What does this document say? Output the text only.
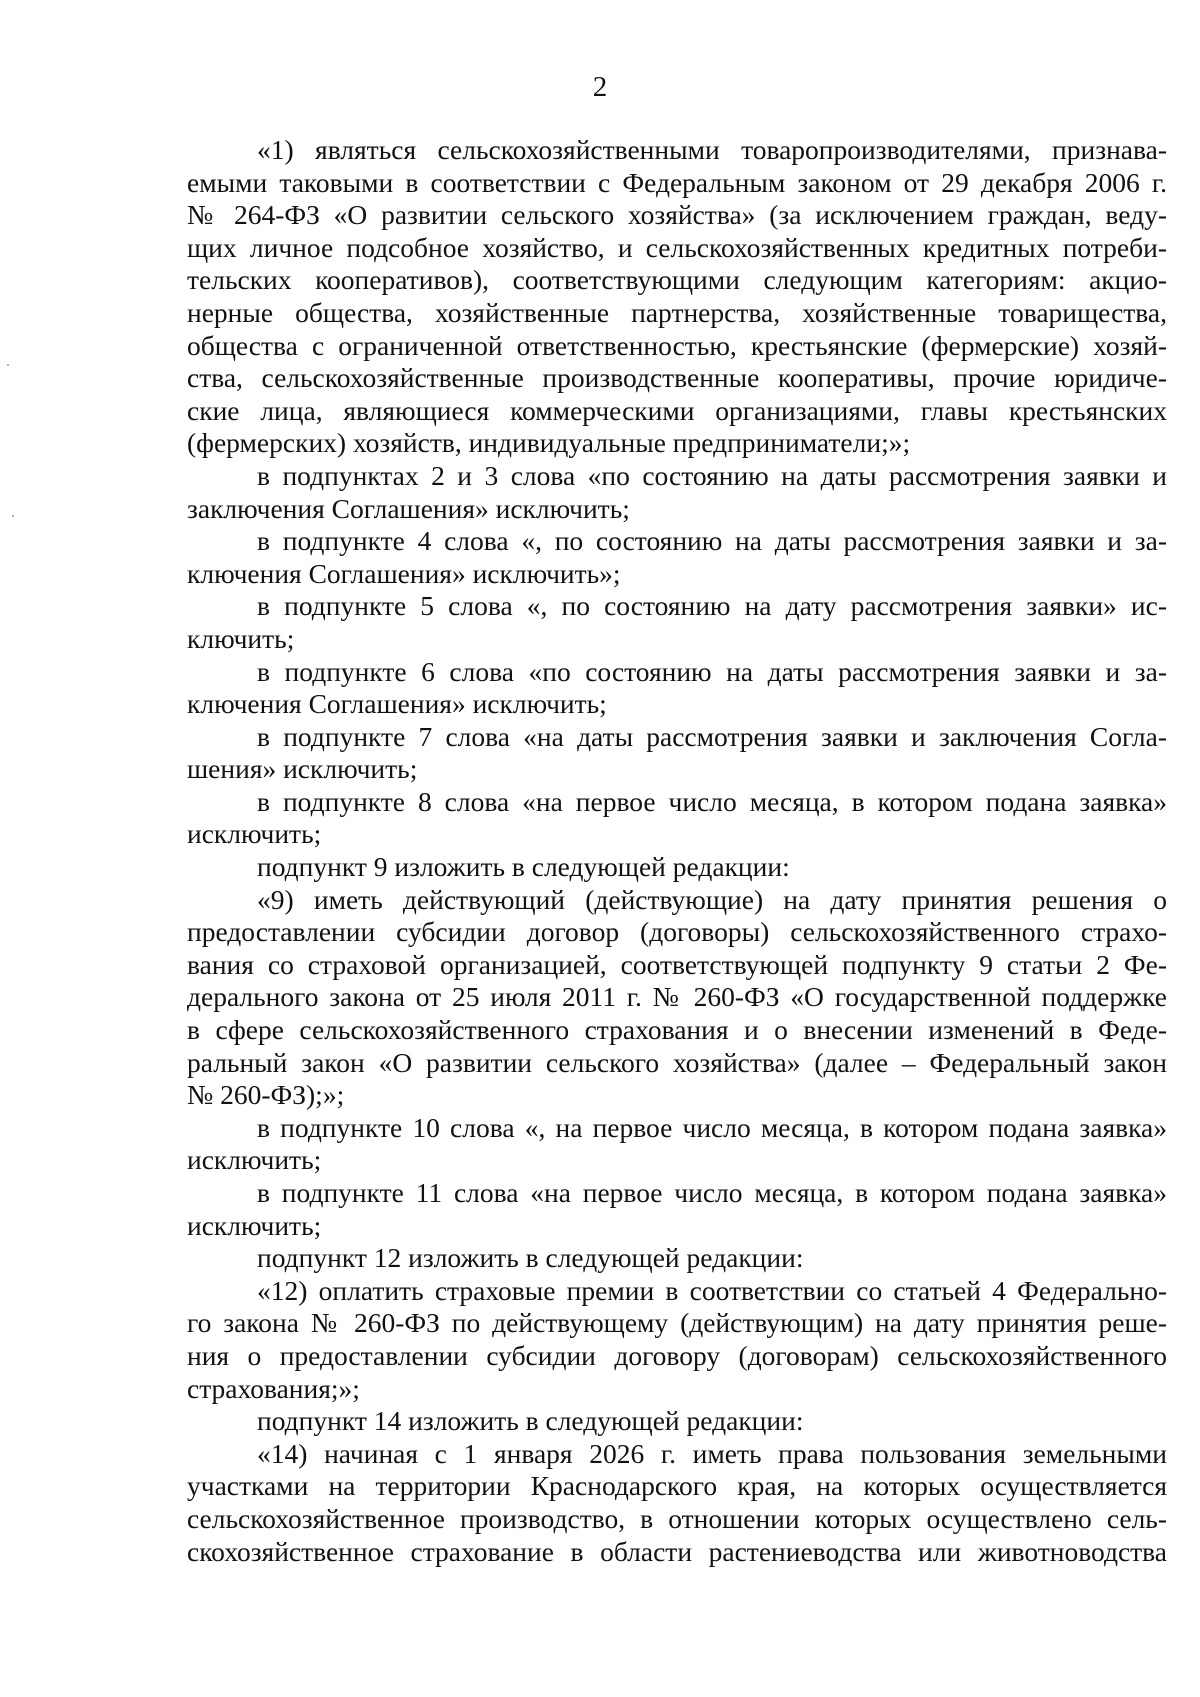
2

«1) являться сельскохозяйственными товаропроизводителями, признава-

емыми таковыми в соответствии с Федеральным законом от 29 декабря 2006 г.

№ 264-ФЗ «О развитии сельского хозяйства» (за исключением граждан, веду-

щих личное подсобное хозяйство, и сельскохозяйственных кредитных потреби-

тельских кооперативов), соответствующими следующим категориям: акцио-

нерные общества, хозяйственные партнерства, хозяйственные товарищества,

общества с ограниченной ответственностью, крестьянские (фермерские) хозяй-

ства, сельскохозяйственные производственные кооперативы, прочие юридиче-

ские лица, являющиеся коммерческими организациями, главы крестьянских

(фермерских) хозяйств, индивидуальные предприниматели;»;

в подпунктах 2 и 3 слова «по состоянию на даты рассмотрения заявки и

заключения Соглашения» исключить;

в подпункте 4 слова «, по состоянию на даты рассмотрения заявки и за-

ключения Соглашения» исключить»;

в подпункте 5 слова «, по состоянию на дату рассмотрения заявки» ис-

ключить;

в подпункте 6 слова «по состоянию на даты рассмотрения заявки и за-

ключения Соглашения» исключить;

в подпункте 7 слова «на даты рассмотрения заявки и заключения Согла-

шения» исключить;

в подпункте 8 слова «на первое число месяца, в котором подана заявка»

исключить;

подпункт 9 изложить в следующей редакции:

«9) иметь действующий (действующие) на дату принятия решения о

предоставлении субсидии договор (договоры) сельскохозяйственного страхо-

вания со страховой организацией, соответствующей подпункту 9 статьи 2 Фе-

дерального закона от 25 июля 2011 г. № 260-ФЗ «О государственной поддержке

в сфере сельскохозяйственного страхования и о внесении изменений в Феде-

ральный закон «О развитии сельского хозяйства» (далее – Федеральный закон

№ 260-ФЗ);»;

в подпункте 10 слова «, на первое число месяца, в котором подана заявка»

исключить;

в подпункте 11 слова «на первое число месяца, в котором подана заявка»

исключить;

подпункт 12 изложить в следующей редакции:

«12) оплатить страховые премии в соответствии со статьей 4 Федерально-

го закона № 260-ФЗ по действующему (действующим) на дату принятия реше-

ния о предоставлении субсидии договору (договорам) сельскохозяйственного

страхования;»;

подпункт 14 изложить в следующей редакции:

«14) начиная с 1 января 2026 г. иметь права пользования земельными

участками на территории Краснодарского края, на которых осуществляется

сельскохозяйственное производство, в отношении которых осуществлено сель-

скохозяйственное страхование в области растениеводства или животноводства
